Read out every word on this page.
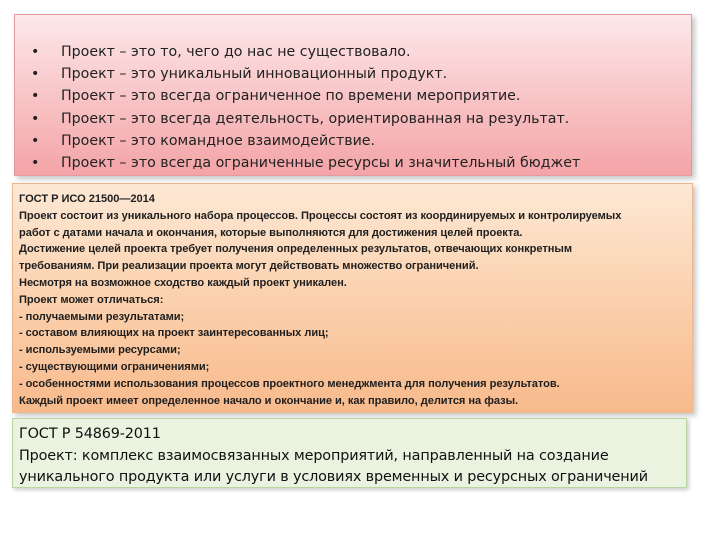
• Проект – это то, чего до нас не существовало.
• Проект – это уникальный инновационный продукт.
• Проект – это всегда ограниченное по времени мероприятие.
• Проект – это всегда деятельность, ориентированная на результат.
• Проект – это командное взаимодействие.
• Проект – это всегда ограниченные ресурсы и значительный бюджет
ГОСТ Р ИСО 21500—2014
Проект состоит из уникального набора процессов. Процессы состоят из координируемых и контролируемых
работ с датами начала и окончания, которые выполняются для достижения целей проекта.
Достижение целей проекта требует получения определенных результатов, отвечающих конкретным
требованиям. При реализации проекта могут действовать множество ограничений.
Несмотря на возможное сходство каждый проект уникален.
Проект может отличаться:
- получаемыми результатами;
- составом влияющих на проект заинтересованных лиц;
- используемыми ресурсами;
- существующими ограничениями;
- особенностями использования процессов проектного менеджмента для получения результатов.
Каждый проект имеет определенное начало и окончание и, как правило, делится на фазы.
ГОСТ Р 54869-2011
Проект: комплекс взаимосвязанных мероприятий, направленный на создание
уникального продукта или услуги в условиях временных и ресурсных ограничений
